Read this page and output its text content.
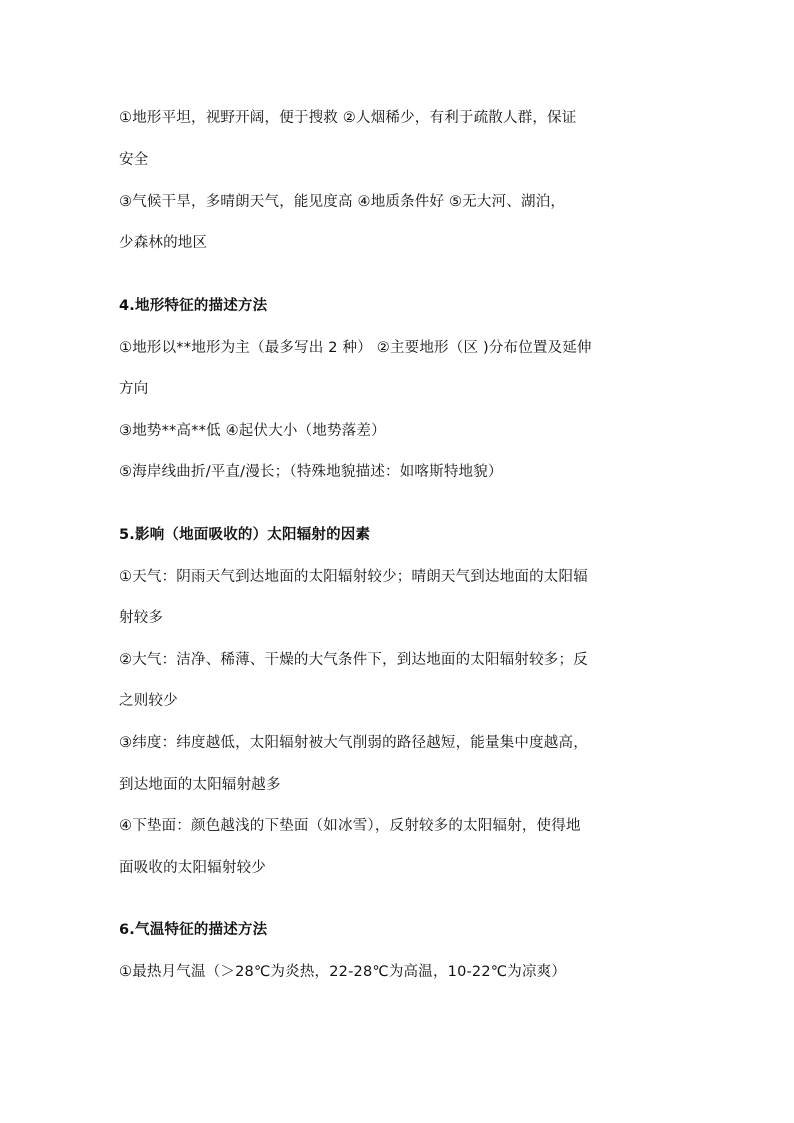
①地形平坦，视野开阔，便于搜救 ②人烟稀少，有利于疏散人群，保证
安全
③气候干旱，多晴朗天气，能见度高 ④地质条件好 ⑤无大河、湖泊，
少森林的地区
4.地形特征的描述方法
①地形以**地形为主（最多写出 2 种） ②主要地形（区 )分布位置及延伸
方向
③地势**高**低 ④起伏大小（地势落差）
⑤海岸线曲折/平直/漫长；（特殊地貌描述：如喀斯特地貌）
5.影响（地面吸收的）太阳辐射的因素
①天气：阴雨天气到达地面的太阳辐射较少；晴朗天气到达地面的太阳辐
射较多
②大气：洁净、稀薄、干燥的大气条件下，到达地面的太阳辐射较多；反
之则较少
③纬度：纬度越低，太阳辐射被大气削弱的路径越短，能量集中度越高，
到达地面的太阳辐射越多
④下垫面：颜色越浅的下垫面（如冰雪），反射较多的太阳辐射，使得地
面吸收的太阳辐射较少
6.气温特征的描述方法
①最热月气温（＞28℃为炎热，22-28℃为高温，10-22℃为凉爽）
